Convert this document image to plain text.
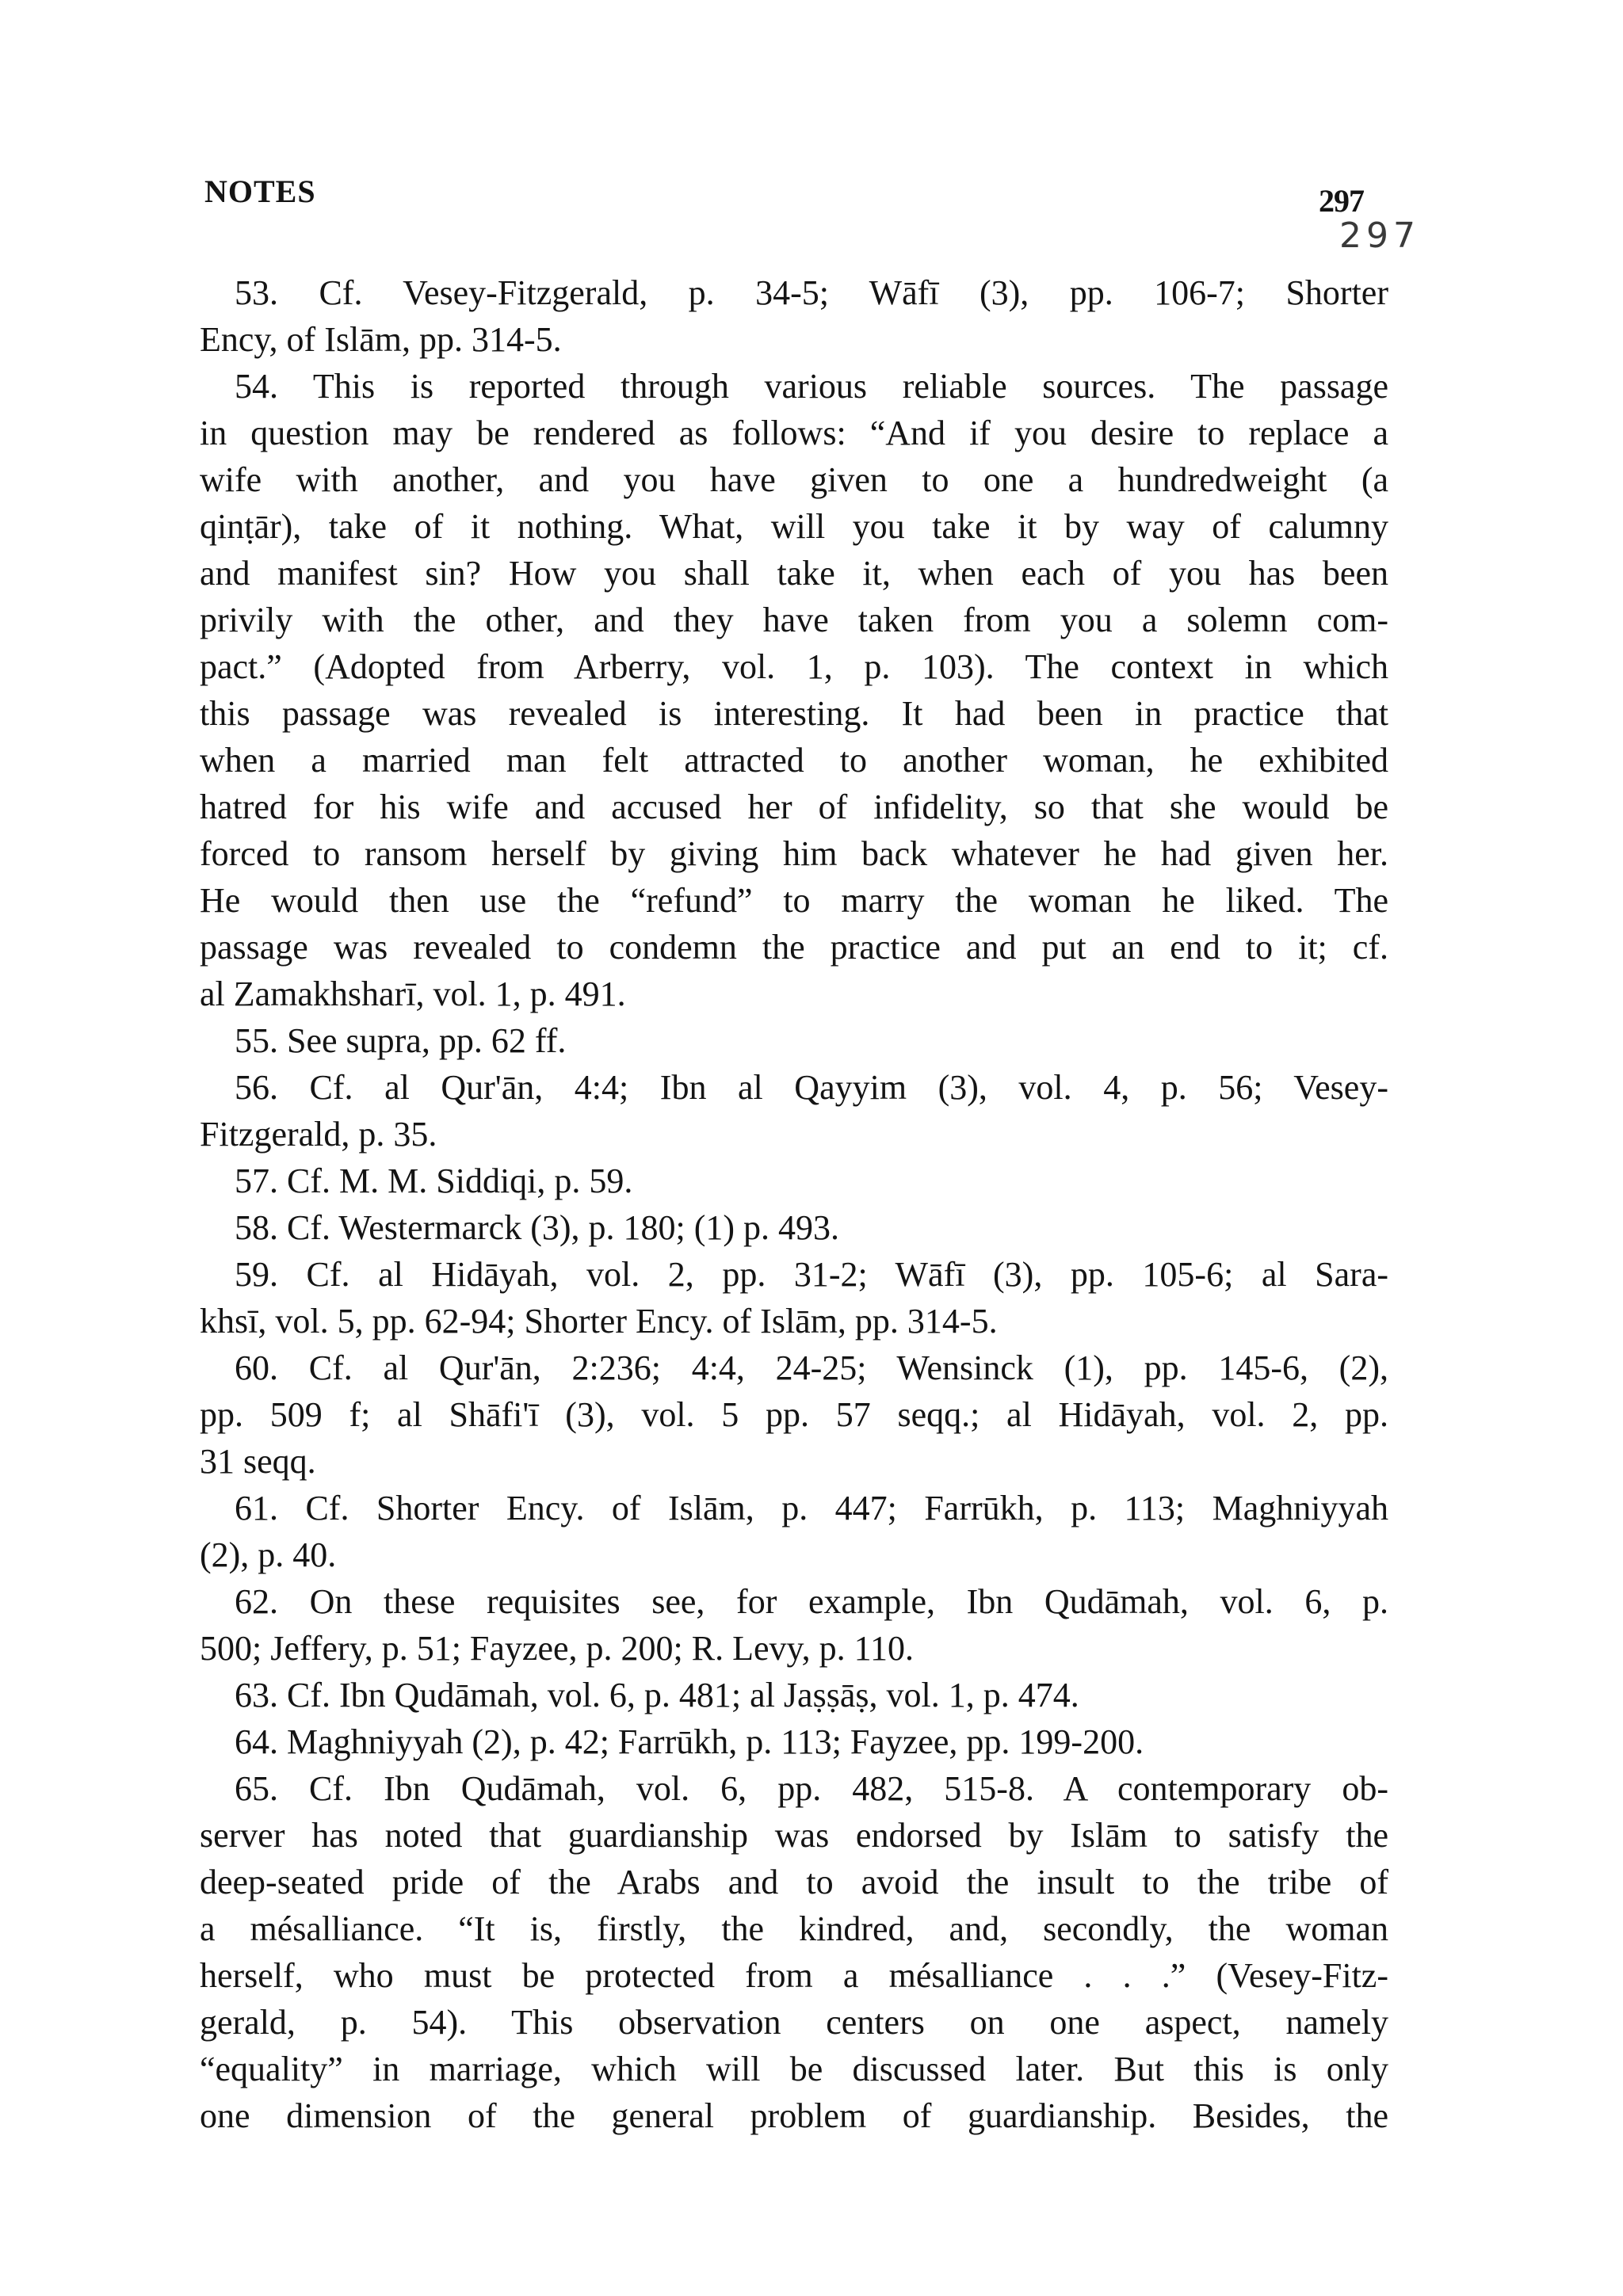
NOTES	297
297
53. Cf. Vesey-Fitzgerald, p. 34-5; Wāfī (3), pp. 106-7; Shorter
Ency, of Islām, pp. 314-5.
54. This is reported through various reliable sources. The passage
in question may be rendered as follows: “And if you desire to replace a
wife with another, and you have given to one a hundredweight (a
qinṭār), take of it nothing. What, will you take it by way of calumny
and manifest sin? How you shall take it, when each of you has been
privily with the other, and they have taken from you a solemn com-
pact.” (Adopted from Arberry, vol. 1, p. 103). The context in which
this passage was revealed is interesting. It had been in practice that
when a married man felt attracted to another woman, he exhibited
hatred for his wife and accused her of infidelity, so that she would be
forced to ransom herself by giving him back whatever he had given her.
He would then use the “refund” to marry the woman he liked. The
passage was revealed to condemn the practice and put an end to it; cf.
al Zamakhsharī, vol. 1, p. 491.
55. See supra, pp. 62 ff.
56. Cf. al Qur'ān, 4:4; Ibn al Qayyim (3), vol. 4, p. 56; Vesey-
Fitzgerald, p. 35.
57. Cf. M. M. Siddiqi, p. 59.
58. Cf. Westermarck (3), p. 180; (1) p. 493.
59. Cf. al Hidāyah, vol. 2, pp. 31-2; Wāfī (3), pp. 105-6; al Sara-
khsī, vol. 5, pp. 62-94; Shorter Ency. of Islām, pp. 314-5.
60. Cf. al Qur'ān, 2:236; 4:4, 24-25; Wensinck (1), pp. 145-6, (2),
pp. 509 f; al Shāfi'ī (3), vol. 5 pp. 57 seqq.; al Hidāyah, vol. 2, pp.
31 seqq.
61. Cf. Shorter Ency. of Islām, p. 447; Farrūkh, p. 113; Maghniyyah
(2), p. 40.
62. On these requisites see, for example, Ibn Qudāmah, vol. 6, p.
500; Jeffery, p. 51; Fayzee, p. 200; R. Levy, p. 110.
63. Cf. Ibn Qudāmah, vol. 6, p. 481; al Jaṣṣāṣ, vol. 1, p. 474.
64. Maghniyyah (2), p. 42; Farrūkh, p. 113; Fayzee, pp. 199-200.
65. Cf. Ibn Qudāmah, vol. 6, pp. 482, 515-8. A contemporary ob-
server has noted that guardianship was endorsed by Islām to satisfy the
deep-seated pride of the Arabs and to avoid the insult to the tribe of
a mésalliance. “It is, firstly, the kindred, and, secondly, the woman
herself, who must be protected from a mésalliance . . .” (Vesey-Fitz-
gerald, p. 54). This observation centers on one aspect, namely
“equality” in marriage, which will be discussed later. But this is only
one dimension of the general problem of guardianship. Besides, the
